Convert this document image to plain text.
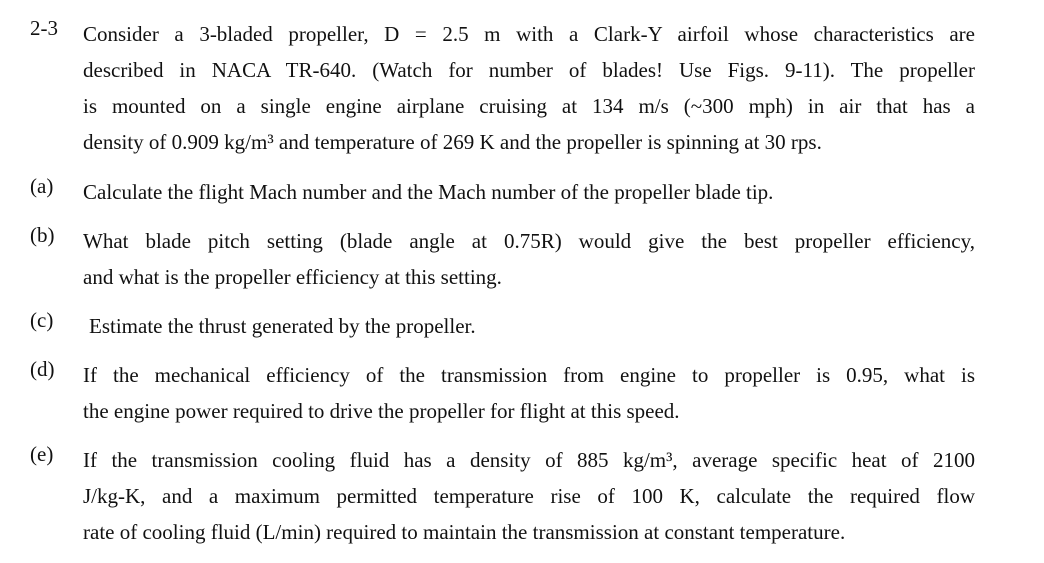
2-3	Consider a 3-bladed propeller, D = 2.5 m with a Clark-Y airfoil whose characteristics are
described in NACA TR-640. (Watch for number of blades! Use Figs. 9-11). The propeller
is mounted on a single engine airplane cruising at 134 m/s (~300 mph) in air that has a
density of 0.909 kg/m³ and temperature of 269 K and the propeller is spinning at 30 rps.
(a)	Calculate the flight Mach number and the Mach number of the propeller blade tip.
(b)	What blade pitch setting (blade angle at 0.75R) would give the best propeller efficiency,
and what is the propeller efficiency at this setting.
(c)	Estimate the thrust generated by the propeller.
(d)	If the mechanical efficiency of the transmission from engine to propeller is 0.95, what is
the engine power required to drive the propeller for flight at this speed.
(e)	If the transmission cooling fluid has a density of 885 kg/m³, average specific heat of 2100
J/kg-K, and a maximum permitted temperature rise of 100 K, calculate the required flow
rate of cooling fluid (L/min) required to maintain the transmission at constant temperature.
